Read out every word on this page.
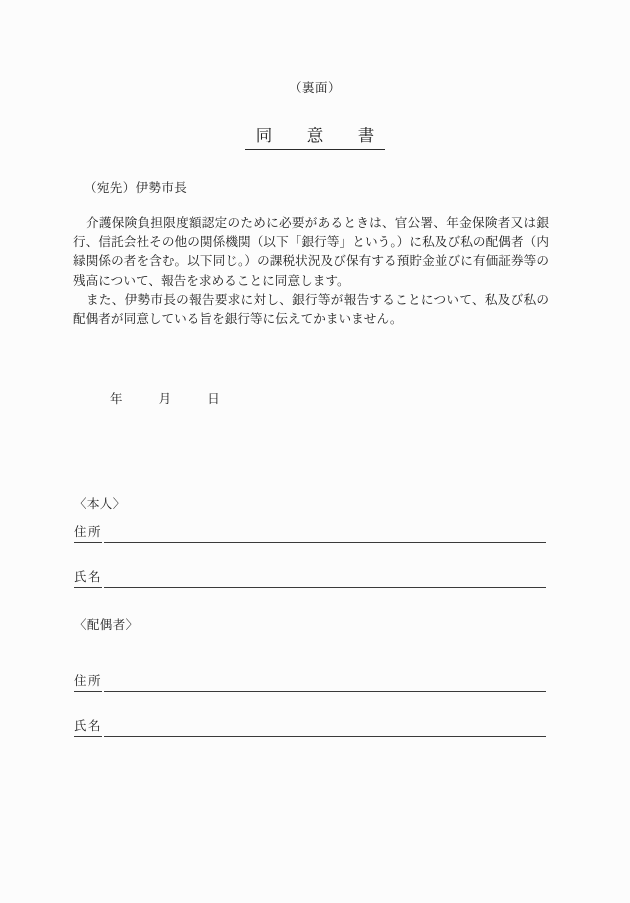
（裏面）
同　意　書
（宛先）伊勢市長

介護保険負担限度額認定のために必要があるときは、官公署、年金保険者又は銀行、信託会社その他の関係機関（以下「銀行等」という。）に私及び私の配偶者（内縁関係の者を含む。以下同じ。）の課税状況及び保有する預貯金並びに有価証券等の残高について、報告を求めることに同意します。

また、伊勢市長の報告要求に対し、銀行等が報告することについて、私及び私の配偶者が同意している旨を銀行等に伝えてかまいません。

年	月	日
〈本人〉
住所
氏名
〈配偶者〉
住所
氏名
